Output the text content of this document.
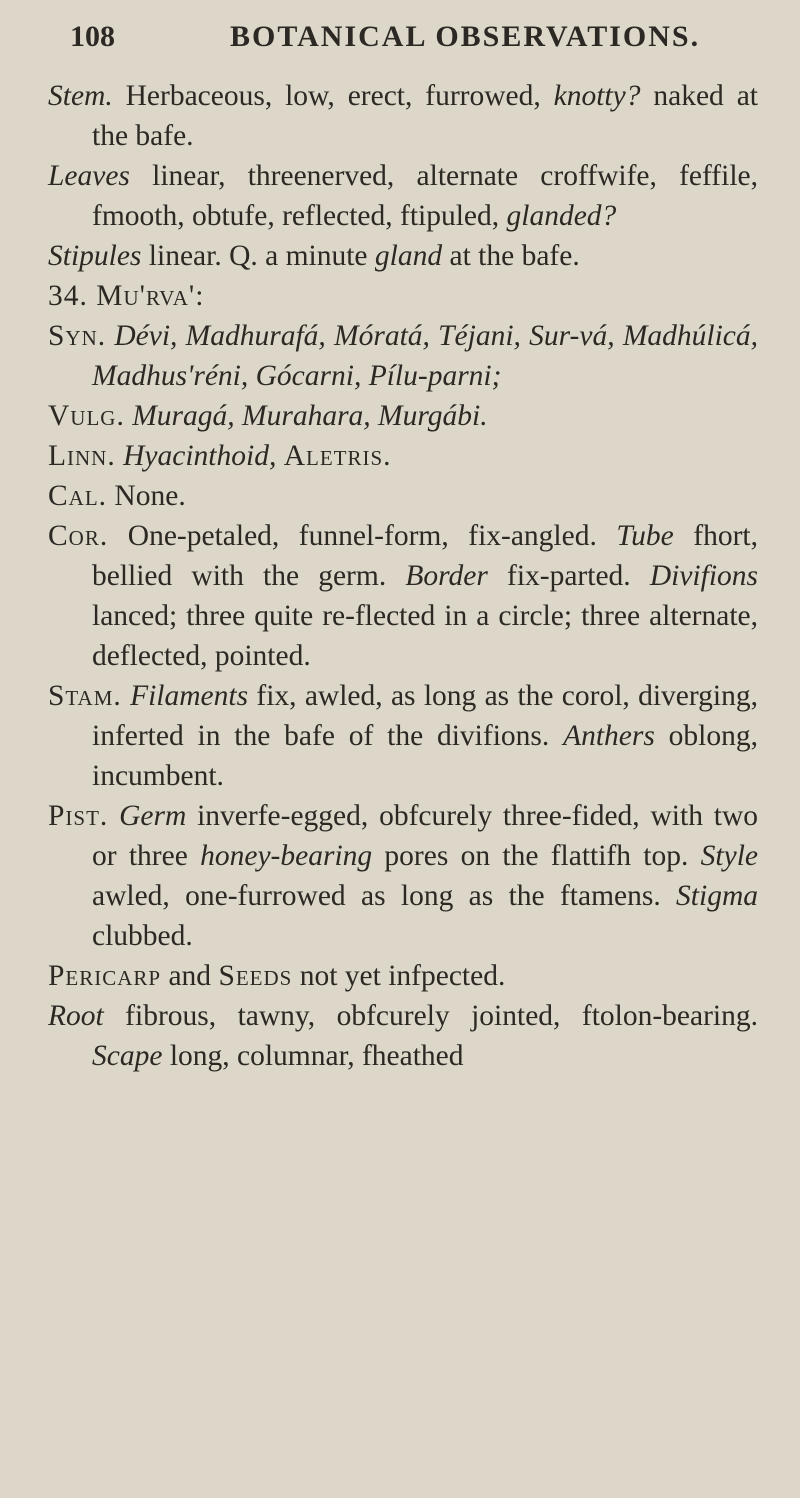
108	BOTANICAL OBSERVATIONS.

Stem. Herbaceous, low, erect, furrowed, knotty? naked at the bafe.

Leaves linear, threenerved, alternate croffwife, feffile, fmooth, obtufe, reflected, ftipuled, glanded?

Stipules linear. Q. a minute gland at the bafe.

34. Mu'rva':

Syn. Dévi, Madhurafá, Móratá, Téjani, Sur-vá, Madhúlicá, Madhus'réni, Gócarni, Pílu-parni;

Vulg. Muragá, Murahara, Murgábi.

Linn. Hyacinthoid, Aletris.

Cal. None.

Cor. One-petaled, funnel-form, fix-angled. Tube fhort, bellied with the germ. Border fix-parted. Divifions lanced; three quite re-flected in a circle; three alternate, deflected, pointed.

Stam. Filaments fix, awled, as long as the corol, diverging, inferted in the bafe of the divifions. Anthers oblong, incumbent.

Pist. Germ inverfe-egged, obfcurely three-fided, with two or three honey-bearing pores on the flattifh top. Style awled, one-furrowed as long as the ftamens. Stigma clubbed.

Pericarp and Seeds not yet infpected.

Root fibrous, tawny, obfcurely jointed, ftolon-bearing. Scape long, columnar, fheathed
